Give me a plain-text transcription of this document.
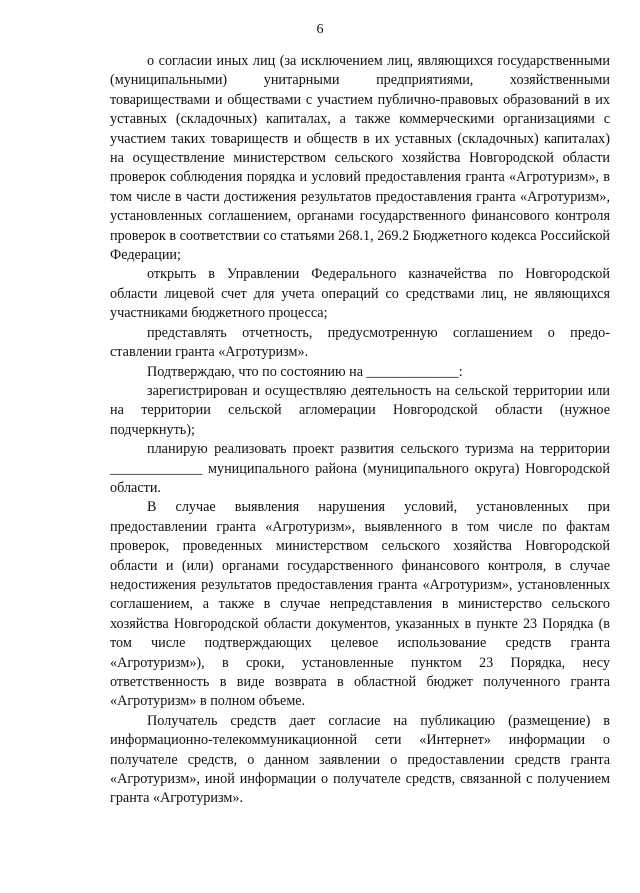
6

о согласии иных лиц (за исключением лиц, являющихся государственными (муниципальными) унитарными предприятиями, хозяйственными товариществами и обществами с участием публично-правовых образований в их уставных (складочных) капиталах, а также коммерческими организациями с участием таких товариществ и обществ в их уставных (складочных) капиталах) на осуществление министерством сельского хозяйства Новгородской области проверок соблюдения порядка и условий предоставления гранта «Агротуризм», в том числе в части достижения результатов предоставления гранта «Агротуризм», установленных соглашением, органами государственного финансового контроля проверок в соответствии со статьями 268.1, 269.2 Бюджетного кодекса Российской Федерации;

открыть в Управлении Федерального казначейства по Новгородской области лицевой счет для учета операций со средствами лиц, не являющихся участниками бюджетного процесса;

представлять отчетность, предусмотренную соглашением о предо-ставлении гранта «Агротуризм».

Подтверждаю, что по состоянию на _____________:

зарегистрирован и осуществляю деятельность на сельской территории или на территории сельской агломерации Новгородской области (нужное подчеркнуть);

планирую реализовать проект развития сельского туризма на территории _____________ муниципального района (муниципального округа) Новгородской области.

В случае выявления нарушения условий, установленных при предоставлении гранта «Агротуризм», выявленного в том числе по фактам проверок, проведенных министерством сельского хозяйства Новгородской области и (или) органами государственного финансового контроля, в случае недостижения результатов предоставления гранта «Агротуризм», установленных соглашением, а также в случае непредставления в министерство сельского хозяйства Новгородской области документов, указанных в пункте 23 Порядка (в том числе подтверждающих целевое использование средств гранта «Агротуризм»), в сроки, установленные пунктом 23 Порядка, несу ответственность в виде возврата в областной бюджет полученного гранта «Агротуризм» в полном объеме.

Получатель средств дает согласие на публикацию (размещение) в информационно-телекоммуникационной сети «Интернет» информации о получателе средств, о данном заявлении о предоставлении средств гранта «Агротуризм», иной информации о получателе средств, связанной с получением гранта «Агротуризм».
